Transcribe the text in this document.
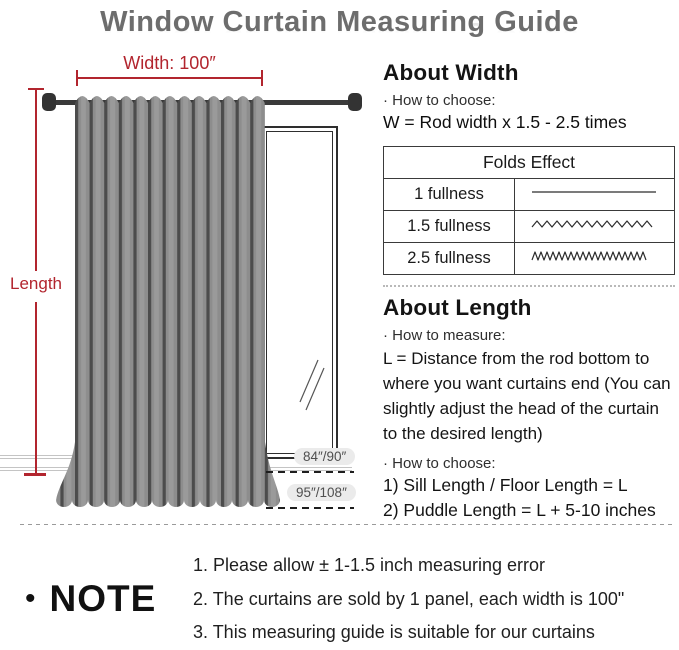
Window Curtain Measuring Guide
Width: 100″
Length
84″/90″
95″/108″
About Width

· How to choose:

W = Rod width x 1.5 - 2.5 times

Folds Effect	
1 fullness	
1.5 fullness	
2.5 fullness	
About Length

· How to measure:

L = Distance from the rod bottom to where you want curtains end (You can slightly adjust the head of the curtain to the desired length)

· How to choose:

1) Sill Length / Floor Length = L

2) Puddle Length = L + 5-10 inches

• NOTE
1. Please allow ± 1-1.5 inch measuring error
2. The curtains are sold by 1 panel, each width is 100"
3. This measuring guide is suitable for our curtains
